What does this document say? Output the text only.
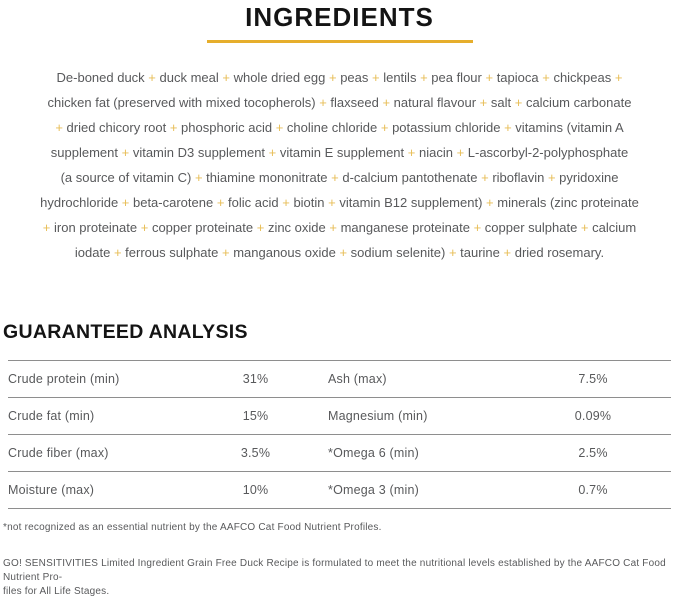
INGREDIENTS
De-boned duck + duck meal + whole dried egg + peas + lentils + pea flour + tapioca + chickpeas +
chicken fat (preserved with mixed tocopherols) + flaxseed + natural flavour + salt + calcium carbonate
+ dried chicory root + phosphoric acid + choline chloride + potassium chloride + vitamins (vitamin A
supplement + vitamin D3 supplement + vitamin E supplement + niacin + L-ascorbyl-2-polyphosphate
(a source of vitamin C) + thiamine mononitrate + d-calcium pantothenate + riboflavin + pyridoxine
hydrochloride + beta-carotene + folic acid + biotin + vitamin B12 supplement) + minerals (zinc proteinate
+ iron proteinate + copper proteinate + zinc oxide + manganese proteinate + copper sulphate + calcium
iodate + ferrous sulphate + manganous oxide + sodium selenite) + taurine + dried rosemary.
GUARANTEED ANALYSIS
Crude protein (min)	31%	Ash (max)	7.5%
Crude fat (min)	15%	Magnesium (min)	0.09%
Crude fiber (max)	3.5%	*Omega 6 (min)	2.5%
Moisture (max)	10%	*Omega 3 (min)	0.7%
*not recognized as an essential nutrient by the AAFCO Cat Food Nutrient Profiles.
GO! SENSITIVITIES Limited Ingredient Grain Free Duck Recipe is formulated to meet the nutritional levels established by the AAFCO Cat Food Nutrient Pro-
files for All Life Stages.
